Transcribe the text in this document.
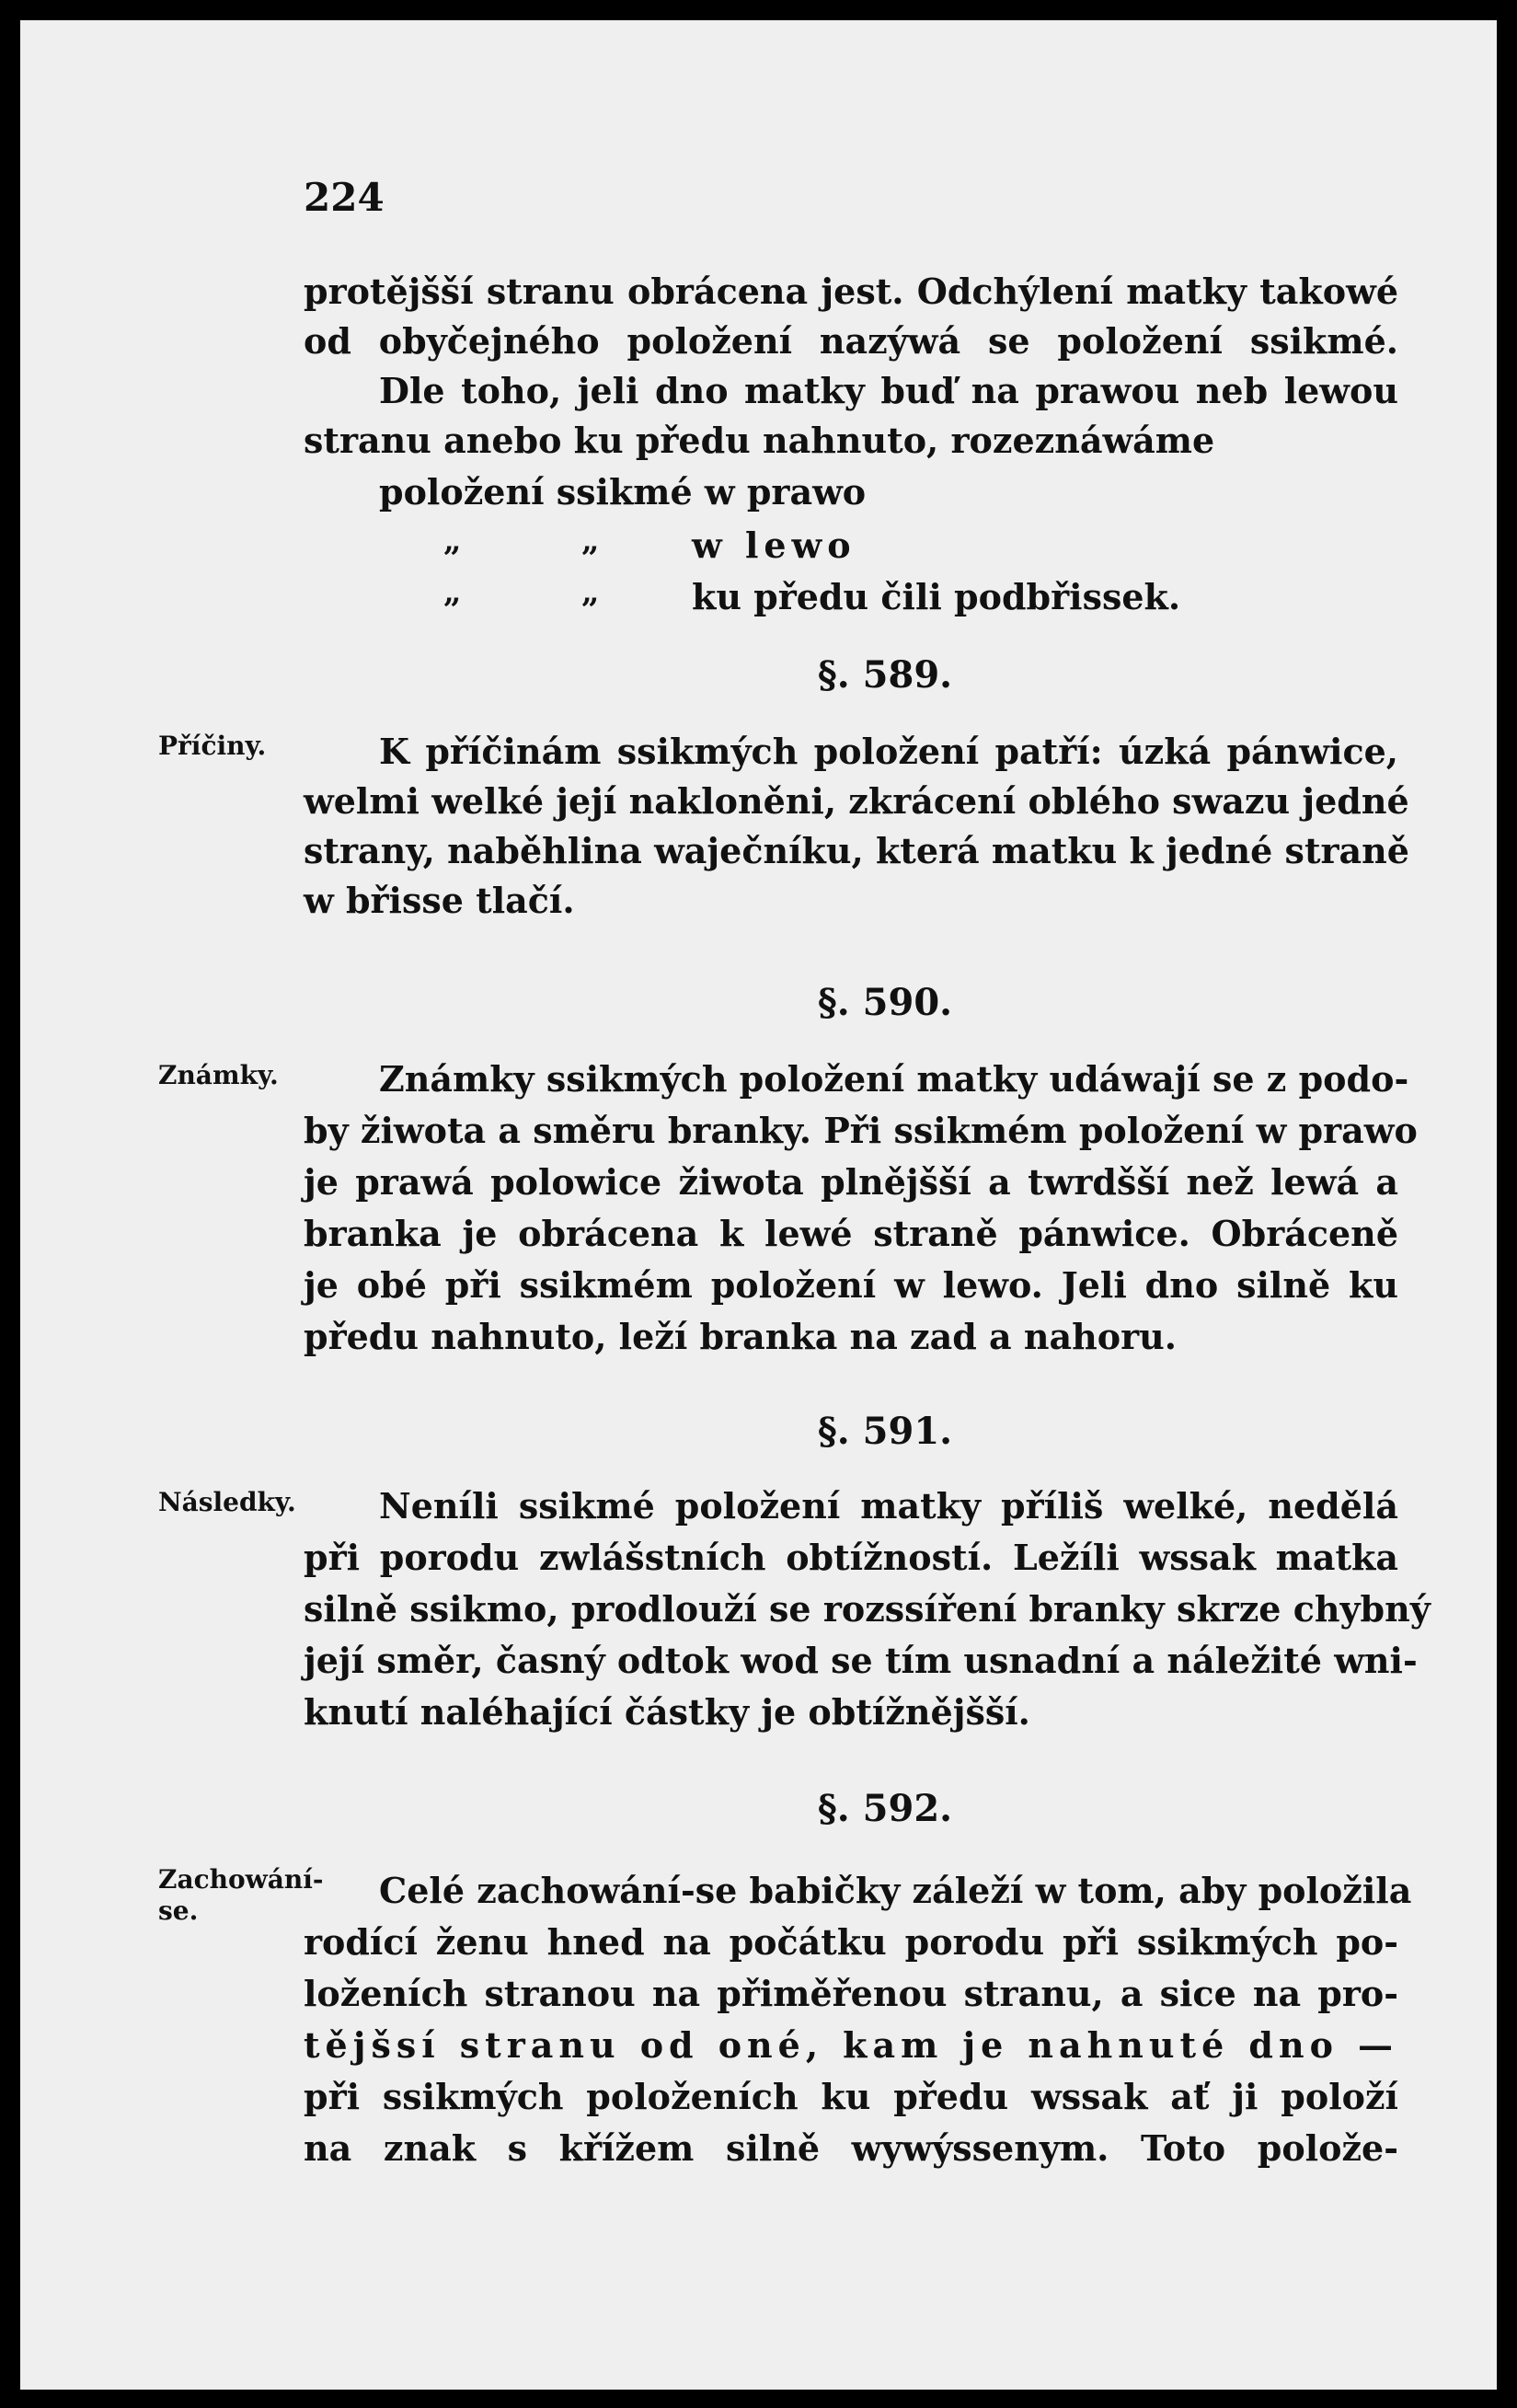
224
protějšší stranu obrácena jest. Odchýlení matky takowé
od obyčejného položení nazýwá se položení ssikmé.
Dle toho, jeli dno matky buď na prawou neb lewou
stranu anebo ku předu nahnuto, rozeznáwáme
položení ssikmé w prawo
„	„	w lewo
„	„	ku předu čili podbřissek.
§. 589.
Příčiny.	K příčinám ssikmých položení patří: úzká pánwice,
welmi welké její nakloněni, zkrácení oblého swazu jedné
strany, naběhlina waječníku, která matku k jedné straně
w břisse tlačí.
§. 590.
Známky.	Známky ssikmých položení matky udáwají se z podo-
by žiwota a směru branky. Při ssikmém položení w prawo
je prawá polowice žiwota plnějšší a twrdšší než lewá a
branka je obrácena k lewé straně pánwice. Obráceně
je obé při ssikmém položení w lewo. Jeli dno silně ku
předu nahnuto, leží branka na zad a nahoru.
§. 591.
Následky. Neníli ssikmé položení matky příliš welké, nedělá
při porodu zwlášstních obtížností. Ležíli wssak matka
silně ssikmo, prodlouží se rozssíření branky skrze chybný
její směr, časný odtok wod se tím usnadní a náležité wni-
knutí naléhající částky je obtížnějšší.
§. 592.
Zachowání-se.	Celé zachowání-se babičky záleží w tom, aby položila
rodící ženu hned na počátku porodu při ssikmých po-
loženích stranou na přiměřenou stranu, a sice na pro-
tějšsí stranu od oné, kam je nahnuté dno —
při ssikmých položeních ku předu wssak ať ji položí
na znak s křížem silně wywýssenym. Toto polože-
